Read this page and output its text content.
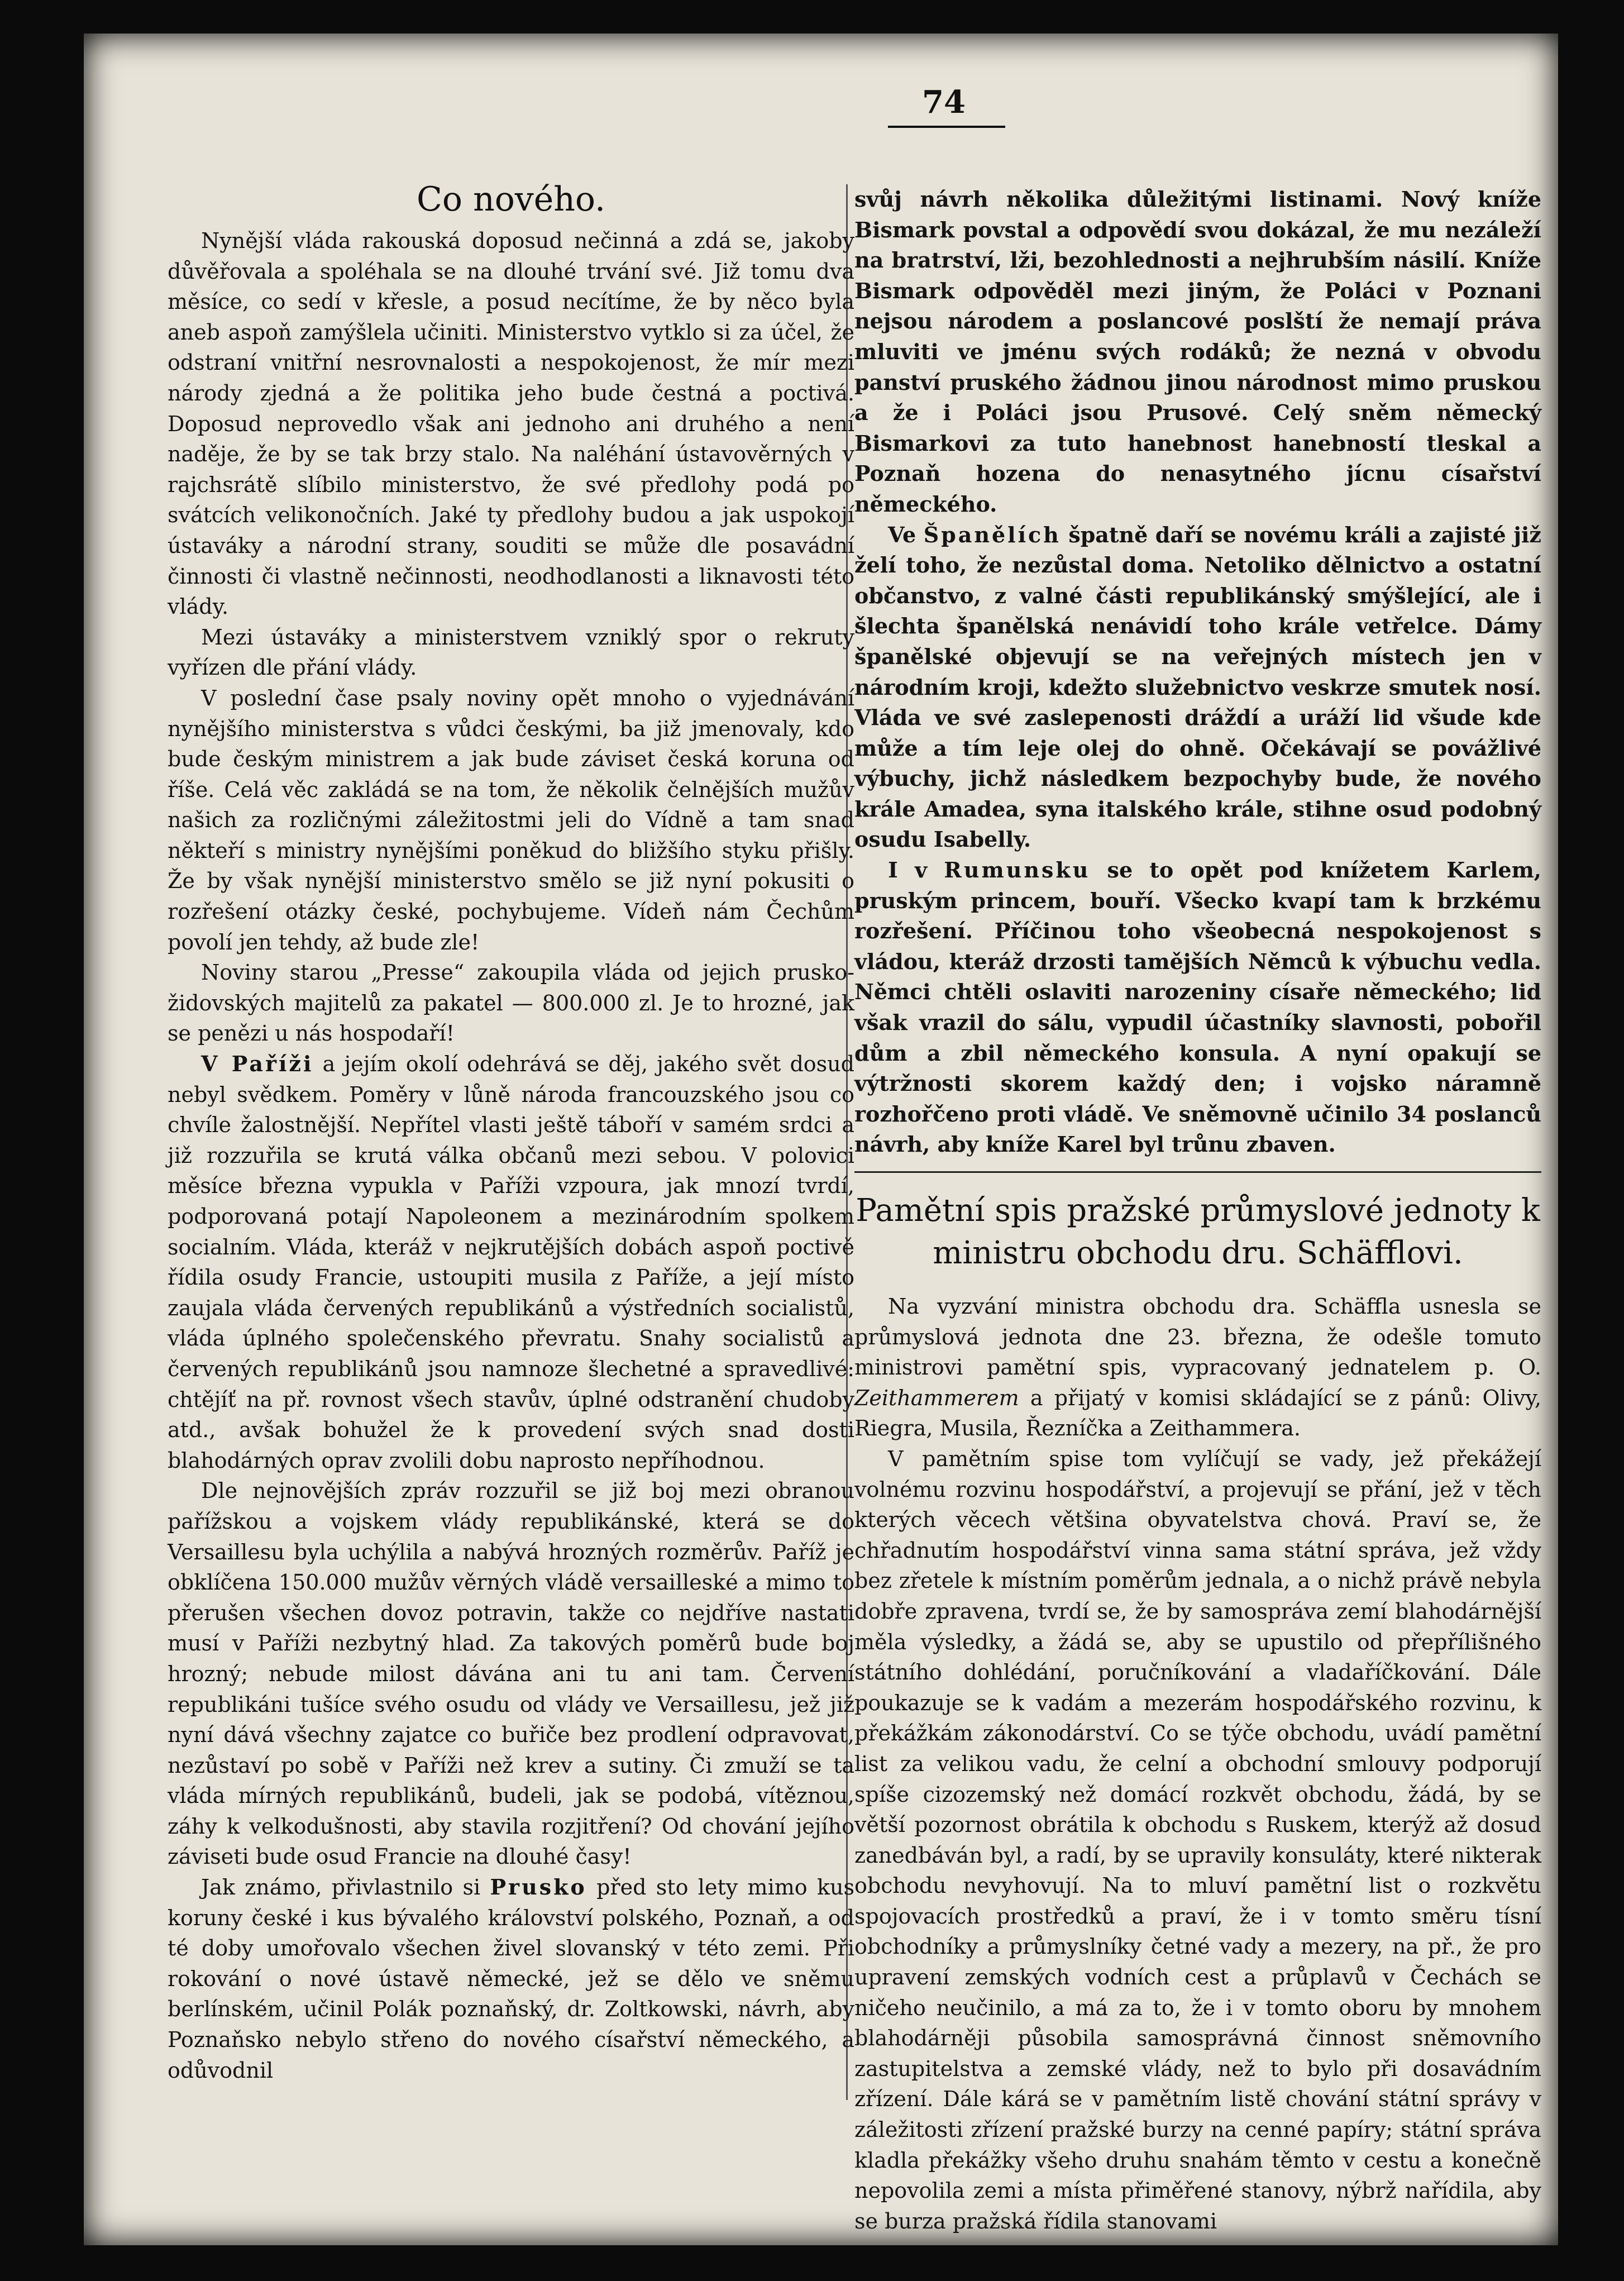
74
Co nového.

Nynější vláda rakouská doposud nečinná a zdá se, jakoby důvěřovala a spoléhala se na dlouhé trvání své. Již tomu dva měsíce, co sedí v křesle, a posud necítíme, že by něco byla aneb aspoň zamýšlela učiniti. Ministerstvo vytklo si za účel, že odstraní vnitřní nesrovnalosti a nespokojenost, že mír mezi národy zjedná a že politika jeho bude čestná a poctivá. Doposud neprovedlo však ani jednoho ani druhého a není naděje, že by se tak brzy stalo. Na naléhání ústavověrných v rajchsrátě slíbilo ministerstvo, že své předlohy podá po svátcích velikonočních. Jaké ty předlohy budou a jak uspokojí ústaváky a národní strany, souditi se může dle posavádní činnosti či vlastně nečinnosti, neodhodlanosti a liknavosti této vlády.

Mezi ústaváky a ministerstvem vzniklý spor o rekruty vyřízen dle přání vlády.

V poslední čase psaly noviny opět mnoho o vyjednávání nynějšího ministerstva s vůdci českými, ba již jmenovaly, kdo bude českým ministrem a jak bude záviset česká koruna od říše. Celá věc zakládá se na tom, že několik čelnějších mužův našich za rozličnými záležitostmi jeli do Vídně a tam snad někteří s ministry nynějšími poněkud do bližšího styku přišly. Že by však nynější ministerstvo smělo se již nyní pokusiti o rozřešení otázky české, pochybujeme. Vídeň nám Čechům povolí jen tehdy, až bude zle!

Noviny starou „Presse“ zakoupila vláda od jejich prusko-židovských majitelů za pakatel — 800.000 zl. Je to hrozné, jak se penězi u nás hospodaří!

V Paříži a jejím okolí odehrává se děj, jakého svět dosud nebyl svědkem. Poměry v lůně národa francouzského jsou co chvíle žalostnější. Nepřítel vlasti ještě táboří v samém srdci a již rozzuřila se krutá válka občanů mezi sebou. V polovici měsíce března vypukla v Paříži vzpoura, jak mnozí tvrdí, podporovaná potají Napoleonem a mezinárodním spolkem socialním. Vláda, kteráž v nejkrutějších dobách aspoň poctivě řídila osudy Francie, ustoupiti musila z Paříže, a její místo zaujala vláda červených republikánů a výstředních socialistů, vláda úplného společenského převratu. Snahy socialistů a červených republikánů jsou namnoze šlechetné a spravedlivé: chtějíť na př. rovnost všech stavův, úplné odstranění chudoby atd., avšak bohužel že k provedení svých snad dosti blahodárných oprav zvolili dobu naprosto nepříhodnou.

Dle nejnovějších zpráv rozzuřil se již boj mezi obranou pařížskou a vojskem vlády republikánské, která se do Versaillesu byla uchýlila a nabývá hrozných rozměrův. Paříž je obklíčena 150.000 mužův věrných vládě versailleské a mimo to přerušen všechen dovoz potravin, takže co nejdříve nastati musí v Paříži nezbytný hlad. Za takových poměrů bude boj hrozný; nebude milost dávána ani tu ani tam. Červení republikáni tušíce svého osudu od vlády ve Versaillesu, jež již nyní dává všechny zajatce co buřiče bez prodlení odpravovat, nezůstaví po sobě v Paříži než krev a sutiny. Či zmuží se ta vláda mírných republikánů, budeli, jak se podobá, vítěznou, záhy k velkodušnosti, aby stavila rozjitření? Od chování jejího záviseti bude osud Francie na dlouhé časy!

Jak známo, přivlastnilo si Prusko před sto lety mimo kus koruny české i kus bývalého království polského, Poznaň, a od té doby umořovalo všechen živel slovanský v této zemi. Při rokování o nové ústavě německé, jež se dělo ve sněmu berlínském, učinil Polák poznaňský, dr. Zoltkowski, návrh, aby Poznaňsko nebylo střeno do nového císařství německého, a odůvodnil

svůj návrh několika důležitými listinami. Nový kníže Bismark povstal a odpovědí svou dokázal, že mu nezáleží na bratrství, lži, bezohlednosti a nejhrubším násilí. Kníže Bismark odpověděl mezi jiným, že Poláci v Poznani nejsou národem a poslancové poslští že nemají práva mluviti ve jménu svých rodáků; že nezná v obvodu panství pruského žádnou jinou národnost mimo pruskou a že i Poláci jsou Prusové. Celý sněm německý Bismarkovi za tuto hanebnost hanebností tleskal a Poznaň hozena do nenasytného jícnu císařství německého.

Ve Španělích špatně daří se novému králi a zajisté již želí toho, že nezůstal doma. Netoliko dělnictvo a ostatní občanstvo, z valné části republikánský smýšlející, ale i šlechta španělská nenávidí toho krále vetřelce. Dámy španělské objevují se na veřejných místech jen v národním kroji, kdežto služebnictvo veskrze smutek nosí. Vláda ve své zaslepenosti dráždí a uráží lid všude kde může a tím leje olej do ohně. Očekávají se povážlivé výbuchy, jichž následkem bezpochyby bude, že nového krále Amadea, syna italského krále, stihne osud podobný osudu Isabelly.

I v Rumunsku se to opět pod knížetem Karlem, pruským princem, bouří. Všecko kvapí tam k brzkému rozřešení. Příčinou toho všeobecná nespokojenost s vládou, kteráž drzosti tamějších Němců k výbuchu vedla. Němci chtěli oslaviti narozeniny císaře německého; lid však vrazil do sálu, vypudil účastníky slavnosti, pobořil dům a zbil německého konsula. A nyní opakují se výtržnosti skorem každý den; i vojsko náramně rozhořčeno proti vládě. Ve sněmovně učinilo 34 poslanců návrh, aby kníže Karel byl trůnu zbaven.

Pamětní spis pražské průmyslové jednoty k ministru obchodu dru. Schäfflovi.

Na vyzvání ministra obchodu dra. Schäffla usnesla se průmyslová jednota dne 23. března, že odešle tomuto ministrovi pamětní spis, vypracovaný jednatelem p. O. Zeithammerem a přijatý v komisi skládající se z pánů: Olivy, Riegra, Musila, Řezníčka a Zeithammera.

V pamětním spise tom vylíčují se vady, jež překážejí volnému rozvinu hospodářství, a projevují se přání, jež v těch kterých věcech většina obyvatelstva chová. Praví se, že chřadnutím hospodářství vinna sama státní správa, jež vždy bez zřetele k místním poměrům jednala, a o nichž právě nebyla dobře zpravena, tvrdí se, že by samospráva zemí blahodárnější měla výsledky, a žádá se, aby se upustilo od přepřílišného státního dohlédání, poručníkování a vladaříčkování. Dále poukazuje se k vadám a mezerám hospodářského rozvinu, k překážkám zákonodárství. Co se týče obchodu, uvádí pamětní list za velikou vadu, že celní a obchodní smlouvy podporují spíše cizozemský než domácí rozkvět obchodu, žádá, by se větší pozornost obrátila k obchodu s Ruskem, kterýž až dosud zanedbáván byl, a radí, by se upravily konsuláty, které nikterak obchodu nevyhovují. Na to mluví pamětní list o rozkvětu spojovacích prostředků a praví, že i v tomto směru tísní obchodníky a průmyslníky četné vady a mezery, na př., že pro upravení zemských vodních cest a průplavů v Čechách se ničeho neučinilo, a má za to, že i v tomto oboru by mnohem blahodárněji působila samosprávná činnost sněmovního zastupitelstva a zemské vlády, než to bylo při dosavádním zřízení. Dále kárá se v pamětním listě chování státní správy v záležitosti zřízení pražské burzy na cenné papíry; státní správa kladla překážky všeho druhu snahám těmto v cestu a konečně nepovolila zemi a místa přiměřené stanovy, nýbrž nařídila, aby se burza pražská řídila stanovami
